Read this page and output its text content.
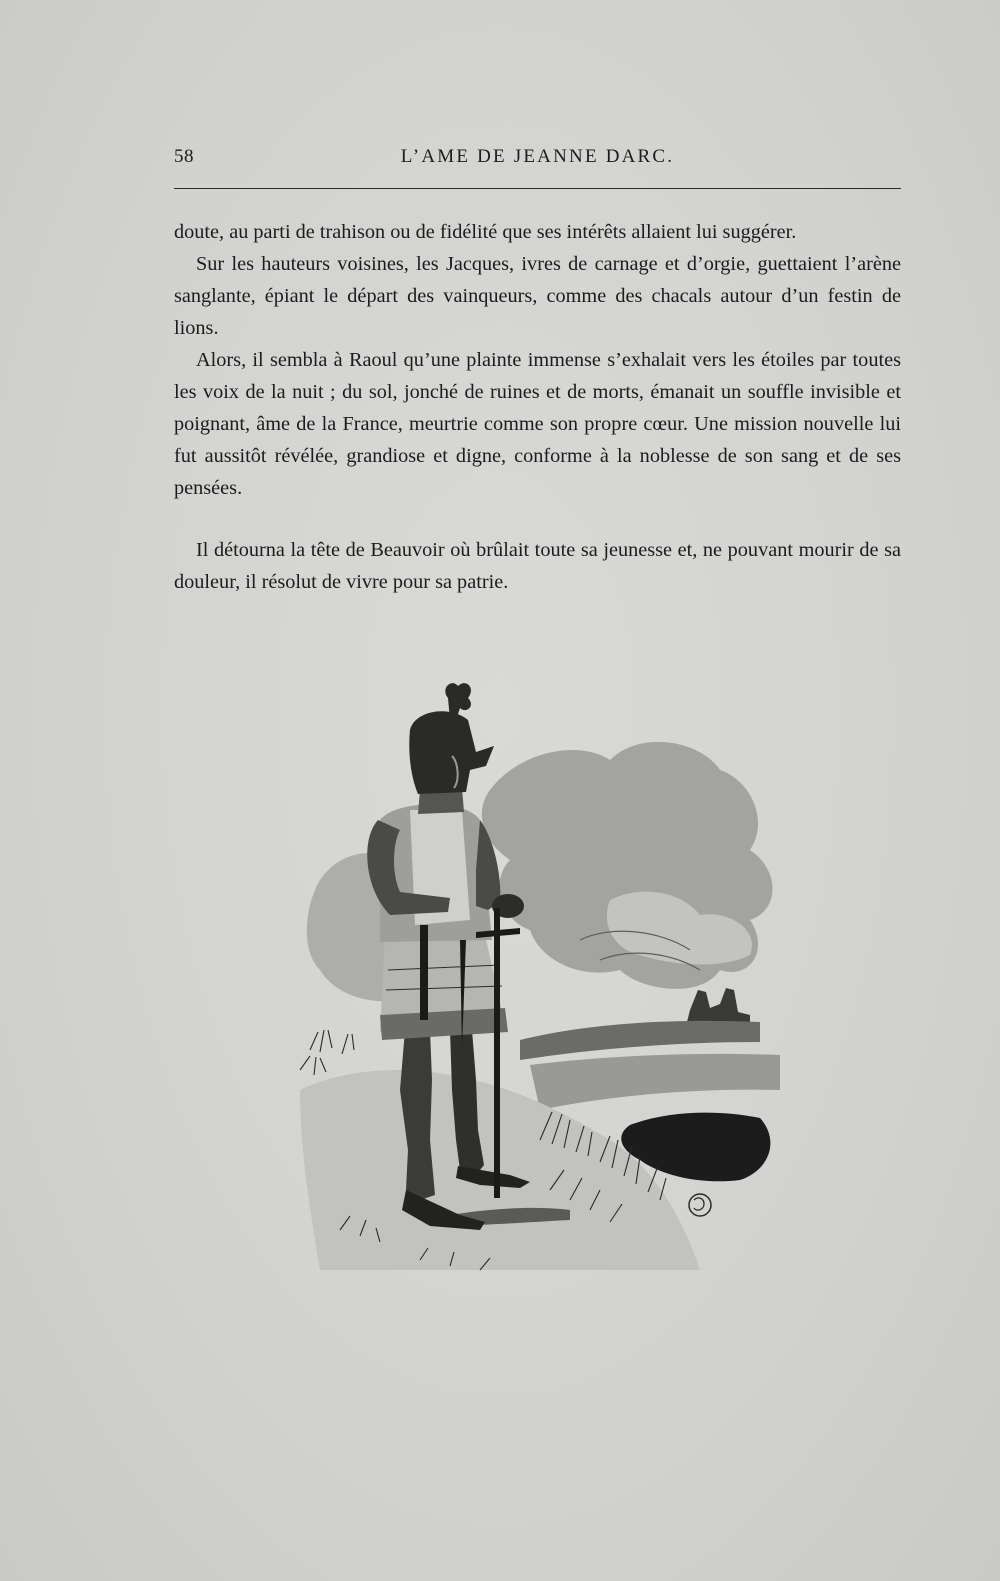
58	L’AME DE JEANNE DARC.

doute, au parti de trahison ou de fidélité que ses intérêts allaient lui suggérer.

Sur les hauteurs voisines, les Jacques, ivres de carnage et d’orgie, guettaient l’arène sanglante, épiant le départ des vainqueurs, comme des chacals autour d’un festin de lions.

Alors, il sembla à Raoul qu’une plainte immense s’exhalait vers les étoiles par toutes les voix de la nuit ; du sol, jonché de ruines et de morts, émanait un souffle invisible et poignant, âme de la France, meurtrie comme son propre cœur. Une mission nouvelle lui fut aussitôt révélée, grandiose et digne, conforme à la noblesse de son sang et de ses pensées.

Il détourna la tête de Beauvoir où brûlait toute sa jeunesse et, ne pouvant mourir de sa douleur, il résolut de vivre pour sa patrie.
